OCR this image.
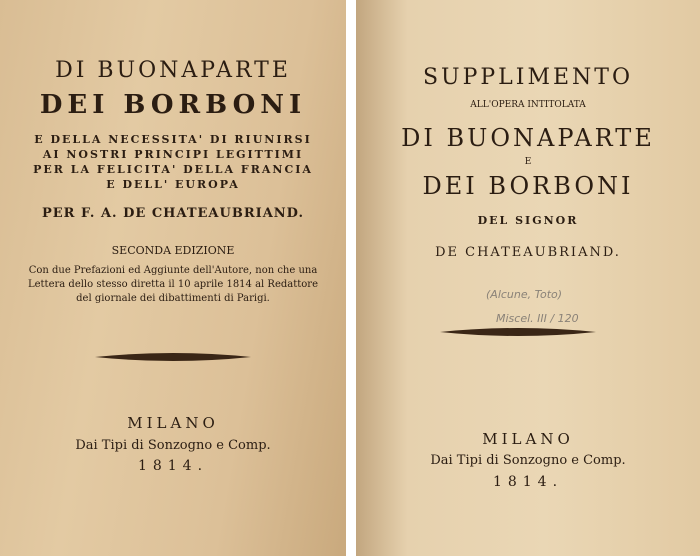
DI BUONAPARTE

DEI BORBONI

E DELLA NECESSITA' DI RIUNIRSI

AI NOSTRI PRINCIPI LEGITTIMI

PER LA FELICITA' DELLA FRANCIA

E DELL' EUROPA

PER F. A. DE CHATEAUBRIAND.

SECONDA EDIZIONE

Con due Prefazioni ed Aggiunte dell'Autore, non che una Lettera dello stesso diretta il 10 aprile 1814 al Redattore del giornale dei dibattimenti di Parigi.

MILANO

Dai Tipi di Sonzogno e Comp.

1814.

SUPPLIMENTO

ALL'OPERA INTITOLATA

DI BUONAPARTE

E

DEI BORBONI

DEL SIGNOR

DE CHATEAUBRIAND.

(Alcune, Toto)
Miscel. III / 120

MILANO

Dai Tipi di Sonzogno e Comp.

1814.
